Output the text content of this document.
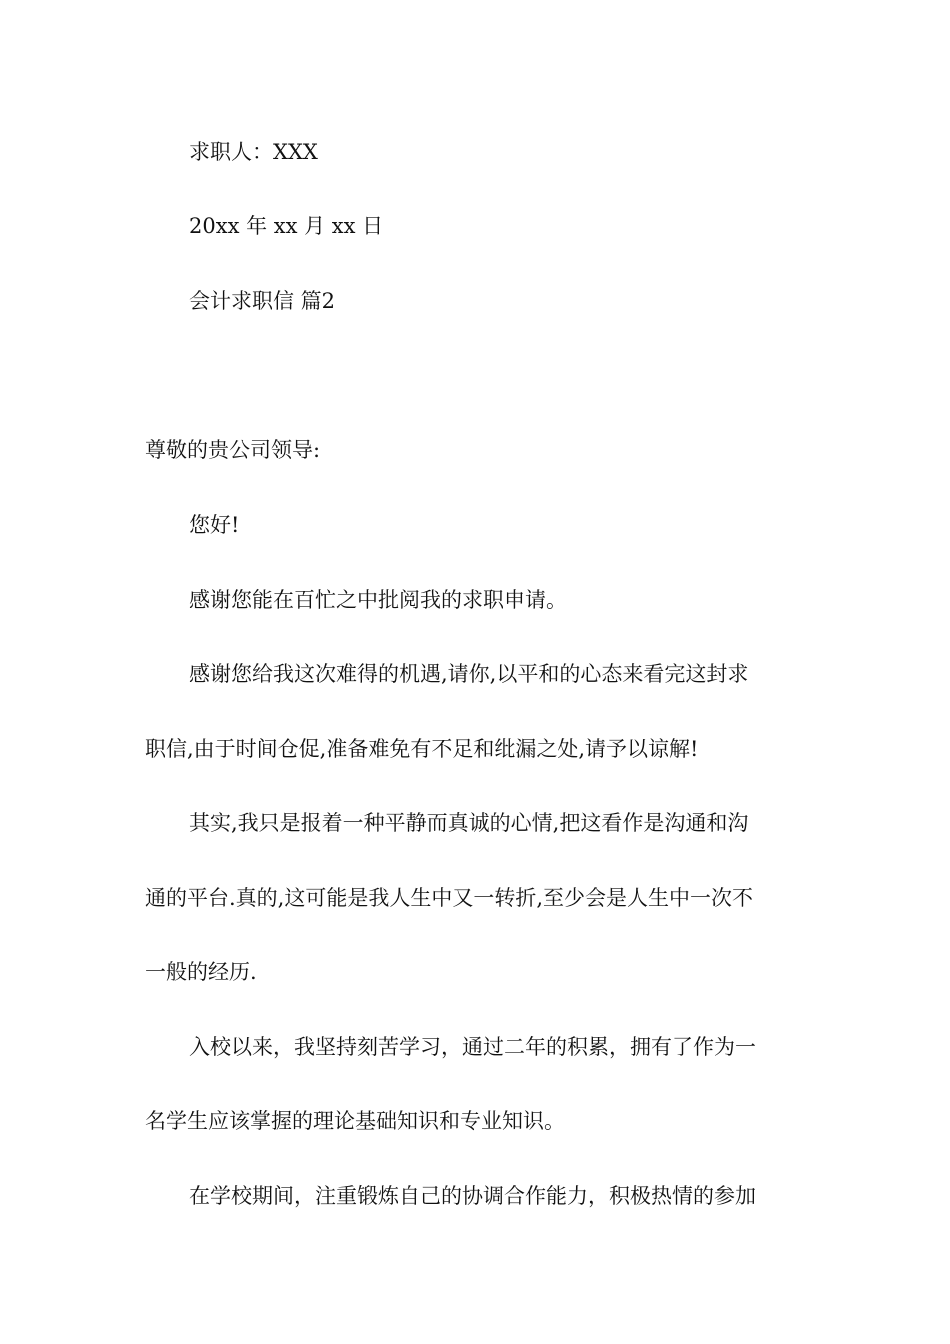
求职人：XXX
20xx 年 xx 月 xx 日
会计求职信 篇2
尊敬的贵公司领导:
您好!
感谢您能在百忙之中批阅我的求职申请。
感谢您给我这次难得的机遇,请你,以平和的心态来看完这封求
职信,由于时间仓促,准备难免有不足和纰漏之处,请予以谅解!
其实,我只是报着一种平静而真诚的心情,把这看作是沟通和沟
通的平台.真的,这可能是我人生中又一转折,至少会是人生中一次不
一般的经历.
入校以来，我坚持刻苦学习，通过二年的积累，拥有了作为一
名学生应该掌握的理论基础知识和专业知识。
在学校期间，注重锻炼自己的协调合作能力，积极热情的参加
